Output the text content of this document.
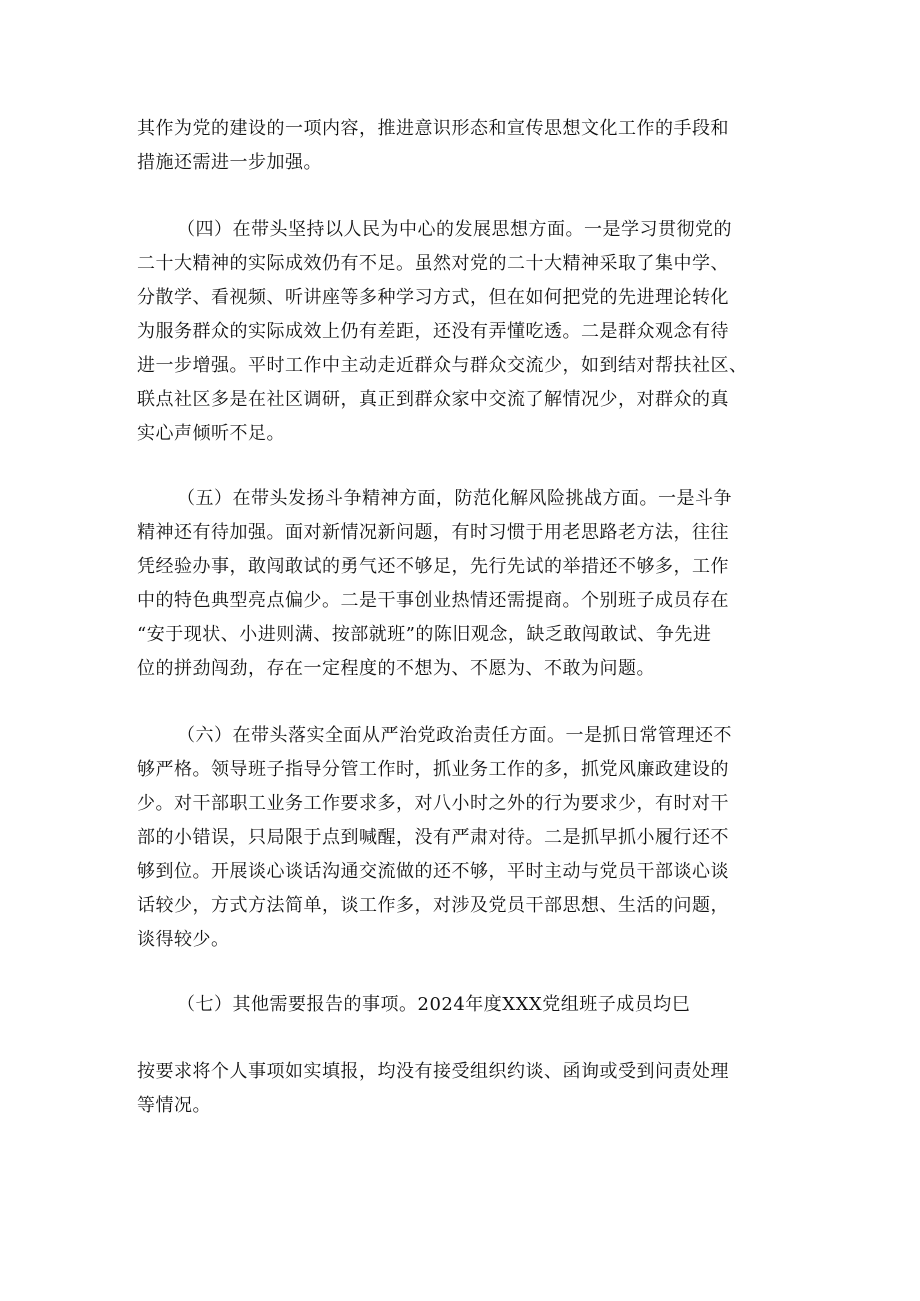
其作为党的建设的一项内容，推进意识形态和宣传思想文化工作的手段和
措施还需进一步加强。

（四）在带头坚持以人民为中心的发展思想方面。一是学习贯彻党的
二十大精神的实际成效仍有不足。虽然对党的二十大精神采取了集中学、
分散学、看视频、听讲座等多种学习方式，但在如何把党的先进理论转化
为服务群众的实际成效上仍有差距，还没有弄懂吃透。二是群众观念有待
进一步增强。平时工作中主动走近群众与群众交流少，如到结对帮扶社区、
联点社区多是在社区调研，真正到群众家中交流了解情况少，对群众的真
实心声倾听不足。

（五）在带头发扬斗争精神方面，防范化解风险挑战方面。一是斗争
精神还有待加强。面对新情况新问题，有时习惯于用老思路老方法，往往
凭经验办事，敢闯敢试的勇气还不够足，先行先试的举措还不够多，工作
中的特色典型亮点偏少。二是干事创业热情还需提商。个别班子成员存在
“安于现状、小进则满、按部就班”的陈旧观念，缺乏敢闯敢试、争先进
位的拼劲闯劲，存在一定程度的不想为、不愿为、不敢为问题。

（六）在带头落实全面从严治党政治责任方面。一是抓日常管理还不
够严格。领导班子指导分管工作时，抓业务工作的多，抓党风廉政建设的
少。对干部职工业务工作要求多，对八小时之外的行为要求少，有时对干
部的小错误，只局限于点到喊醒，没有严肃对待。二是抓早抓小履行还不
够到位。开展谈心谈话沟通交流做的还不够，平时主动与党员干部谈心谈
话较少，方式方法简单，谈工作多，对涉及党员干部思想、生活的问题，
谈得较少。

（七）其他需要报告的事项。2024年度XXX党组班子成员均巳

按要求将个人事项如实填报，均没有接受组织约谈、函询或受到问责处理
等情况。
